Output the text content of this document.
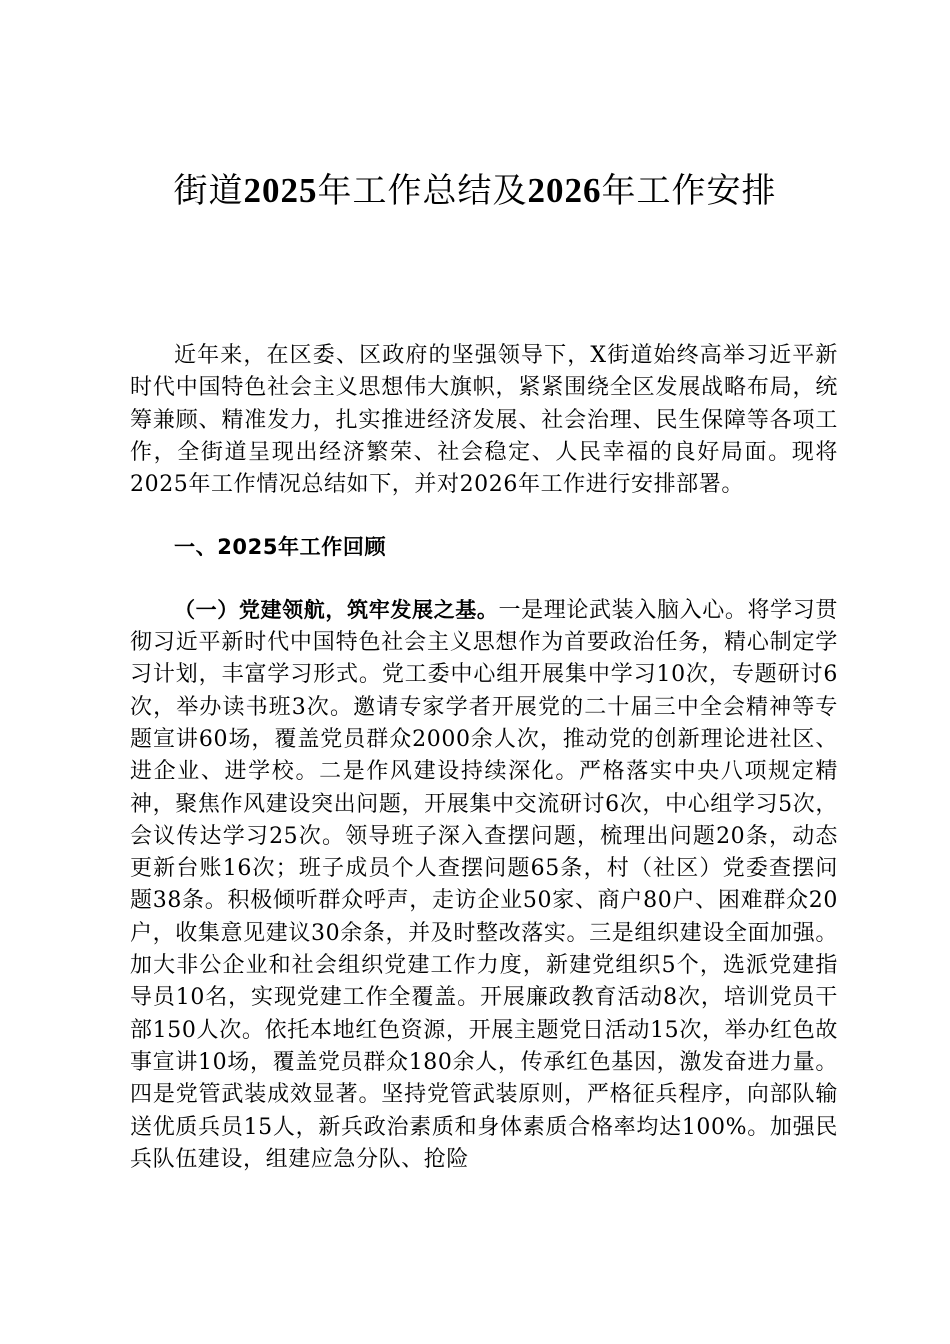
街道2025年工作总结及2026年工作安排

近年来，在区委、区政府的坚强领导下，X街道始终高举习近平新时代中国特色社会主义思想伟大旗帜，紧紧围绕全区发展战略布局，统筹兼顾、精准发力，扎实推进经济发展、社会治理、民生保障等各项工作，全街道呈现出经济繁荣、社会稳定、人民幸福的良好局面。现将2025年工作情况总结如下，并对2026年工作进行安排部署。

一、2025年工作回顾

（一）党建领航，筑牢发展之基。一是理论武装入脑入心。将学习贯彻习近平新时代中国特色社会主义思想作为首要政治任务，精心制定学习计划，丰富学习形式。党工委中心组开展集中学习10次，专题研讨6次，举办读书班3次。邀请专家学者开展党的二十届三中全会精神等专题宣讲60场，覆盖党员群众2000余人次，推动党的创新理论进社区、进企业、进学校。二是作风建设持续深化。严格落实中央八项规定精神，聚焦作风建设突出问题，开展集中交流研讨6次，中心组学习5次，会议传达学习25次。领导班子深入查摆问题，梳理出问题20条，动态更新台账16次；班子成员个人查摆问题65条，村（社区）党委查摆问题38条。积极倾听群众呼声，走访企业50家、商户80户、困难群众20户，收集意见建议30余条，并及时整改落实。三是组织建设全面加强。加大非公企业和社会组织党建工作力度，新建党组织5个，选派党建指导员10名，实现党建工作全覆盖。开展廉政教育活动8次，培训党员干部150人次。依托本地红色资源，开展主题党日活动15次，举办红色故事宣讲10场，覆盖党员群众180余人，传承红色基因，激发奋进力量。四是党管武装成效显著。坚持党管武装原则，严格征兵程序，向部队输送优质兵员15人，新兵政治素质和身体素质合格率均达100%。加强民兵队伍建设，组建应急分队、抢险
